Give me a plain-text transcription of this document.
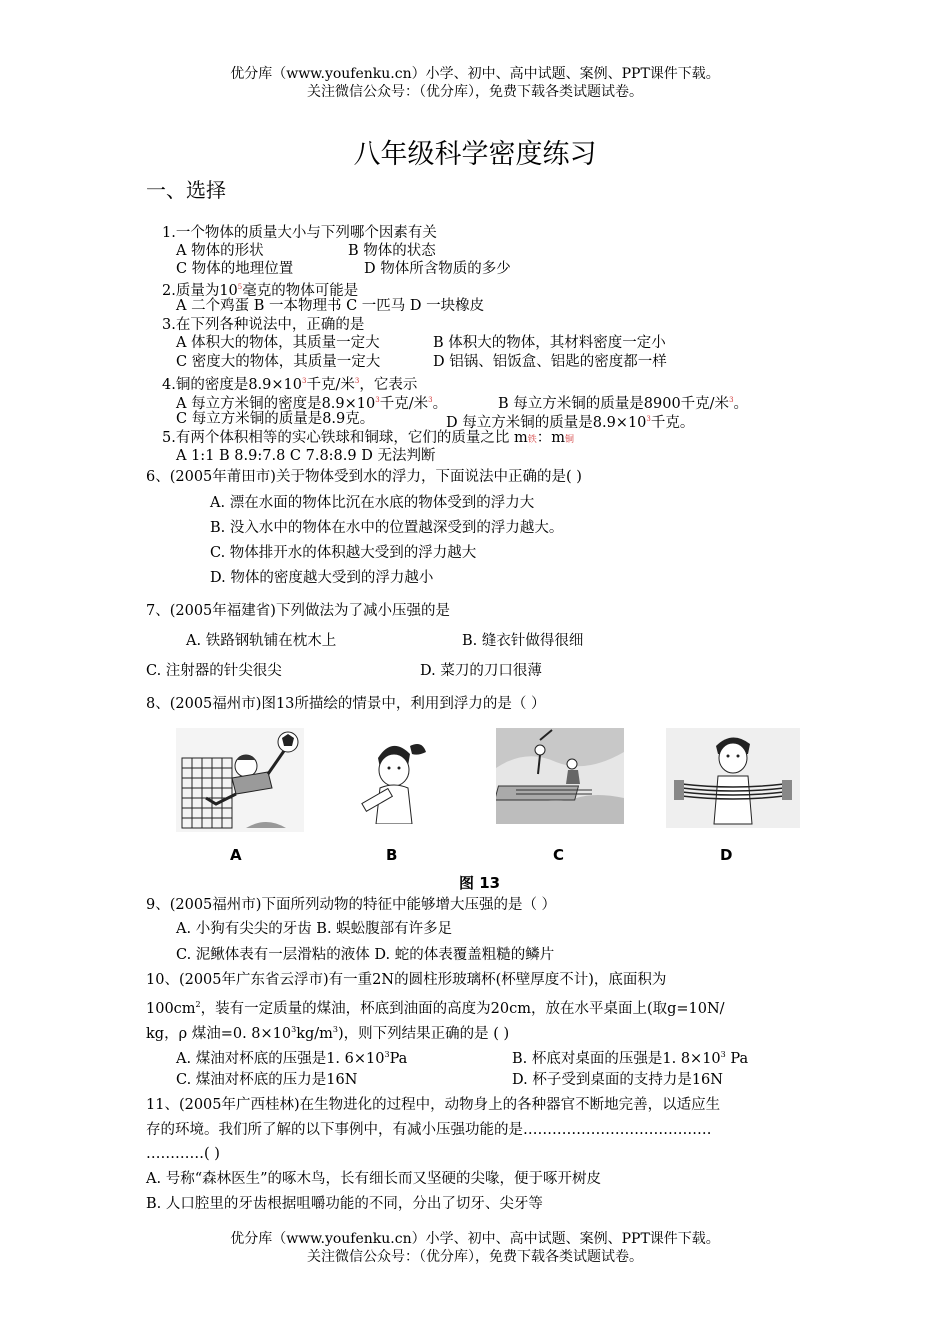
优分库（www.youfenku.cn）小学、初中、高中试题、案例、PPT课件下载。
关注微信公众号：（优分库），免费下载各类试题试卷。
八年级科学密度练习
一、选择
1.一个物体的质量大小与下列哪个因素有关
A 物体的形状	B 物体的状态
C 物体的地理位置	D 物体所含物质的多少
2.质量为$10^5$毫克的物体可能是
A 二个鸡蛋 B 一本物理书 C 一匹马 D 一块橡皮
3.在下列各种说法中，正确的是
A 体积大的物体，其质量一定大	B 体积大的物体，其材料密度一定小
C 密度大的物体，其质量一定大	D 铝锅、铝饭盒、铝匙的密度都一样
4.铜的密度是$8.9\times 10^3$千克/米$^3$，它表示
A 每立方米铜的密度是$8.9\times 10^3$千克/米$^3$。	B 每立方米铜的质量是8900千克/米$^3$。
C 每立方米铜的质量是8.9克。	D 每立方米铜的质量是$8.9\times 10^3$千克。
5.有两个体积相等的实心铁球和铜球，它们的质量之比 m铁：m铜
A 1:1 B 8.9:7.8 C 7.8:8.9 D 无法判断
6、(2005年莆田市)关于物体受到水的浮力，下面说法中正确的是( )
A. 漂在水面的物体比沉在水底的物体受到的浮力大
B. 没入水中的物体在水中的位置越深受到的浮力越大。
C. 物体排开水的体积越大受到的浮力越大
D. 物体的密度越大受到的浮力越小
7、(2005年福建省)下列做法为了减小压强的是
A. 铁路钢轨铺在枕木上	B. 缝衣针做得很细
C. 注射器的针尖很尖	D. 菜刀的刀口很薄
8、(2005福州市)图13所描绘的情景中，利用到浮力的是（ ）
A	B	C	D
图 13
9、(2005福州市)下面所列动物的特征中能够增大压强的是（ ）
A. 小狗有尖尖的牙齿 B. 蜈蚣腹部有许多足
C. 泥鳅体表有一层滑粘的液体 D. 蛇的体表覆盖粗糙的鳞片
10、(2005年广东省云浮市)有一重2N的圆柱形玻璃杯(杯壁厚度不计)，底面积为
$100cm^2$，装有一定质量的煤油，杯底到油面的高度为20cm，放在水平桌面上(取g=10N/
kg，ρ 煤油=0. $8\times 10^3kg/m^3$)，则下列结果正确的是 ( )
A. 煤油对杯底的压强是1. $6\times 10^3Pa$	B. 杯底对桌面的压强是1. $8\times 10^3$ Pa
C. 煤油对杯底的压力是16N	D. 杯子受到桌面的支持力是16N
11、(2005年广西桂林)在生物进化的过程中，动物身上的各种器官不断地完善，以适应生
存的环境。我们所了解的以下事例中，有减小压强功能的是…………………………………
…………( )
A. 号称“森林医生”的啄木鸟，长有细长而又坚硬的尖喙，便于啄开树皮
B. 人口腔里的牙齿根据咀嚼功能的不同，分出了切牙、尖牙等
优分库（www.youfenku.cn）小学、初中、高中试题、案例、PPT课件下载。
关注微信公众号：（优分库），免费下载各类试题试卷。
